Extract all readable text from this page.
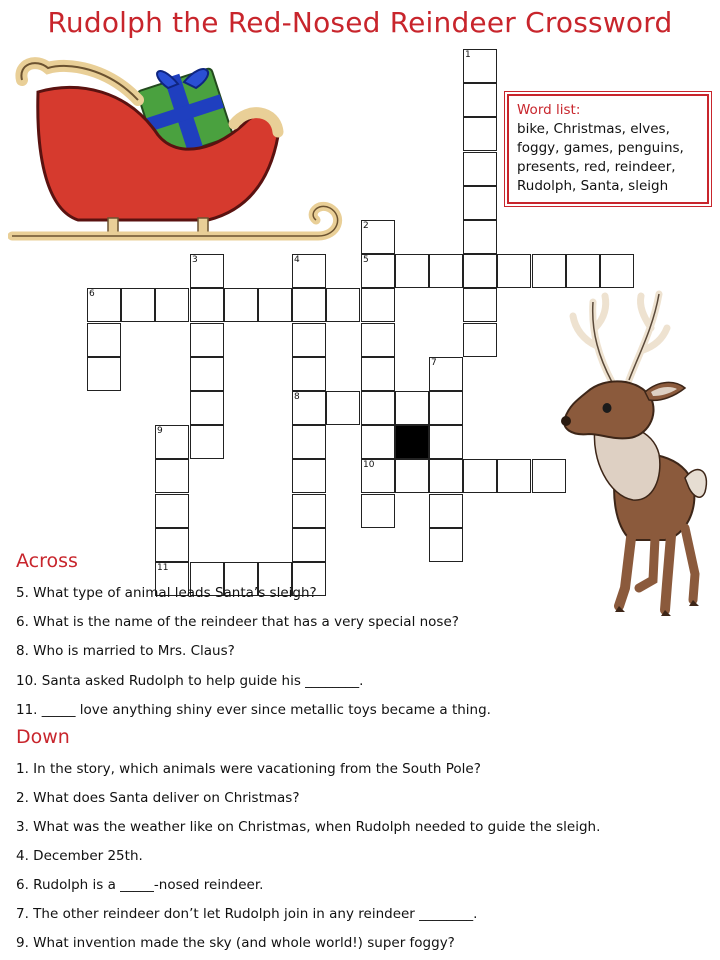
Rudolph the Red-Nosed Reindeer Crossword
1
2
3	4	5
6
7
8
9
10
11
Word list:
bike, Christmas, elves,
foggy, games, penguins,
presents, red, reindeer,
Rudolph, Santa, sleigh
Across
5. What type of animal leads Santa’s sleigh?
6. What is the name of the reindeer that has a very special nose?
8. Who is married to Mrs. Claus?
10. Santa asked Rudolph to help guide his ________.
11. _____ love anything shiny ever since metallic toys became a thing.
Down
1. In the story, which animals were vacationing from the South Pole?
2. What does Santa deliver on Christmas?
3. What was the weather like on Christmas, when Rudolph needed to guide the sleigh.
4. December 25th.
6. Rudolph is a _____-nosed reindeer.
7. The other reindeer don’t let Rudolph join in any reindeer ________.
9. What invention made the sky (and whole world!) super foggy?
